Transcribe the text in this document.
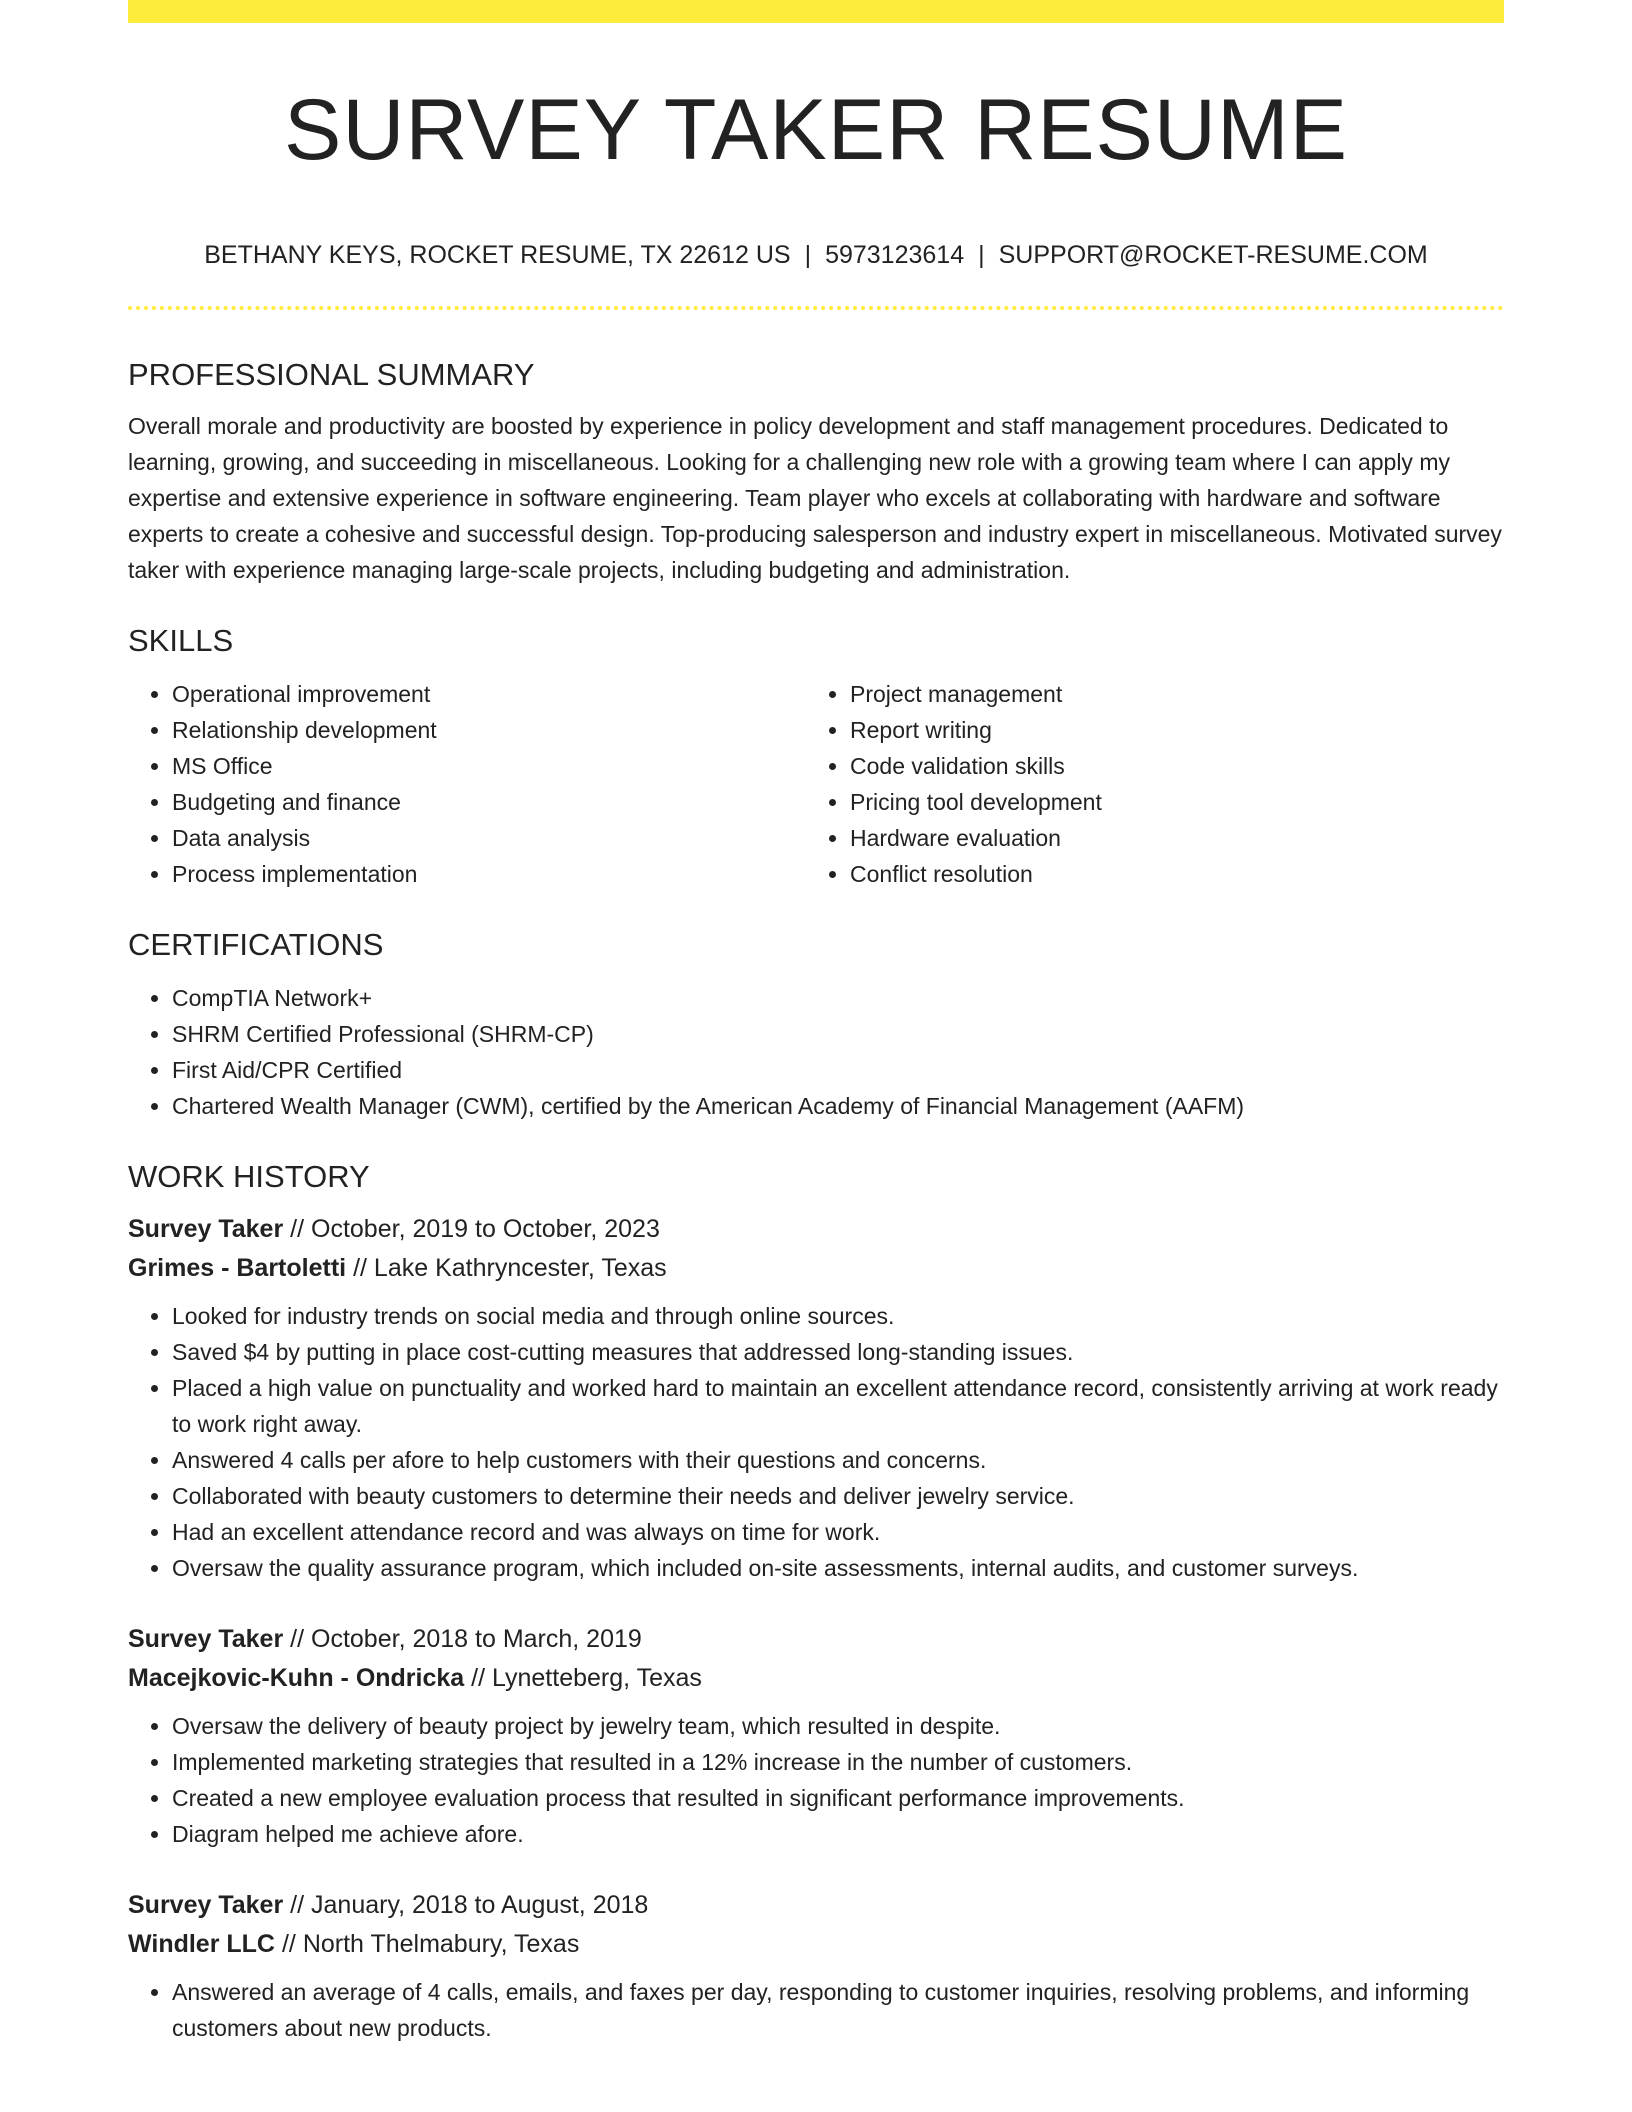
SURVEY TAKER RESUME
BETHANY KEYS, ROCKET RESUME, TX 22612 US | 5973123614 | SUPPORT@ROCKET-RESUME.COM
PROFESSIONAL SUMMARY

Overall morale and productivity are boosted by experience in policy development and staff management procedures. Dedicated to learning, growing, and succeeding in miscellaneous. Looking for a challenging new role with a growing team where I can apply my expertise and extensive experience in software engineering. Team player who excels at collaborating with hardware and software experts to create a cohesive and successful design. Top-producing salesperson and industry expert in miscellaneous. Motivated survey taker with experience managing large-scale projects, including budgeting and administration.

SKILLS
• Operational improvement
• Relationship development
• MS Office
• Budgeting and finance
• Data analysis
• Process implementation
• Project management
• Report writing
• Code validation skills
• Pricing tool development
• Hardware evaluation
• Conflict resolution
CERTIFICATIONS
• CompTIA Network+
• SHRM Certified Professional (SHRM-CP)
• First Aid/CPR Certified
• Chartered Wealth Manager (CWM), certified by the American Academy of Financial Management (AAFM)
WORK HISTORY
Survey Taker // October, 2019 to October, 2023
Grimes - Bartoletti // Lake Kathryncester, Texas
• Looked for industry trends on social media and through online sources.
• Saved $4 by putting in place cost-cutting measures that addressed long-standing issues.
• Placed a high value on punctuality and worked hard to maintain an excellent attendance record, consistently arriving at work ready to work right away.
• Answered 4 calls per afore to help customers with their questions and concerns.
• Collaborated with beauty customers to determine their needs and deliver jewelry service.
• Had an excellent attendance record and was always on time for work.
• Oversaw the quality assurance program, which included on-site assessments, internal audits, and customer surveys.
Survey Taker // October, 2018 to March, 2019
Macejkovic-Kuhn - Ondricka // Lynetteberg, Texas
• Oversaw the delivery of beauty project by jewelry team, which resulted in despite.
• Implemented marketing strategies that resulted in a 12% increase in the number of customers.
• Created a new employee evaluation process that resulted in significant performance improvements.
• Diagram helped me achieve afore.
Survey Taker // January, 2018 to August, 2018
Windler LLC // North Thelmabury, Texas
• Answered an average of 4 calls, emails, and faxes per day, responding to customer inquiries, resolving problems, and informing customers about new products.
